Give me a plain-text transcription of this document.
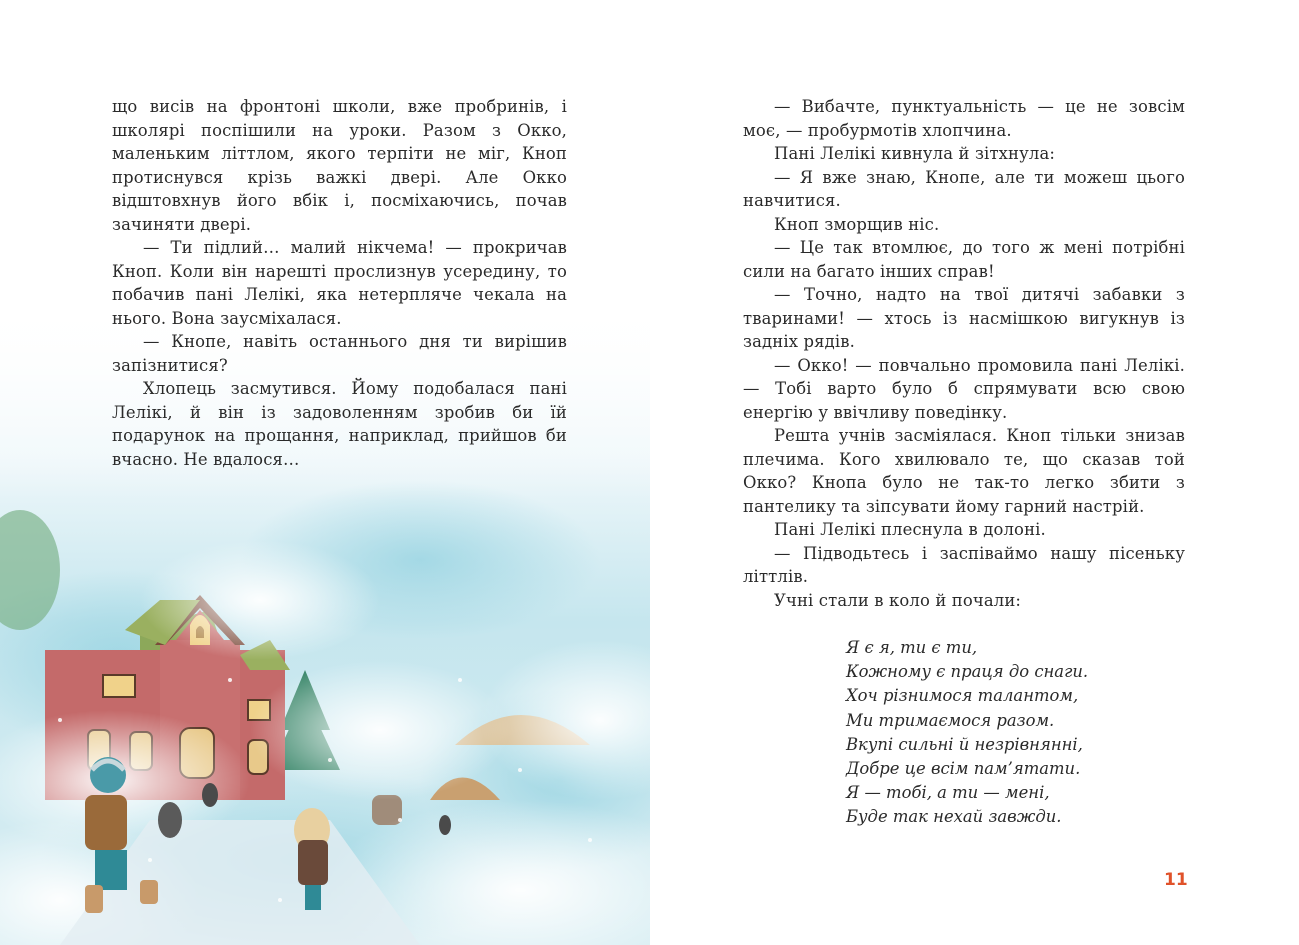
що висів на фронтоні школи, вже пробринів, і школярі поспішили на уроки. Разом з Окко, маленьким літтлом, якого терпіти не міг, Кноп протиснувся крізь важкі двері. Але Окко відштовхнув його вбік і, посміхаючись, почав зачиняти двері.

— Ти підлий… малий нікчема! — прокричав Кноп. Коли він нарешті прослизнув усередину, то побачив пані Лелікі, яка нетерпляче чекала на нього. Вона заусміхалася.

— Кнопе, навіть останнього дня ти вирішив запізнитися?

Хлопець засмутився. Йому подобалася пані Лелікі, й він із задоволенням зробив би їй подарунок на прощання, наприклад, прийшов би вчасно. Не вдалося…

— Вибачте, пунктуальність — це не зовсім моє, — пробурмотів хлопчина.

Пані Лелікі кивнула й зітхнула:

— Я вже знаю, Кнопе, але ти можеш цього навчитися.

Кноп зморщив ніс.

— Це так втомлює, до того ж мені потрібні сили на багато інших справ!

— Точно, надто на твої дитячі забавки з тваринами! — хтось із насмішкою вигукнув із задніх рядів.

— Окко! — повчально промовила пані Лелікі. — Тобі варто було б спрямувати всю свою енергію у ввічливу поведінку.

Решта учнів засміялася. Кноп тільки знизав плечима. Кого хвилювало те, що сказав той Окко? Кнопа було не так-то легко збити з пантелику та зіпсувати йому гарний настрій.

Пані Лелікі плеснула в долоні.

— Підводьтесь і заспіваймо нашу пісеньку літтлів.

Учні стали в коло й почали:

Я є я, ти є ти,
Кожному є праця до снаги.
Хоч різнимося талантом,
Ми тримаємося разом.
Вкупі сильні й незрівнянні,
Добре це всім пам’ятати.
Я — тобі, а ти — мені,
Буде так нехай завжди.
11
